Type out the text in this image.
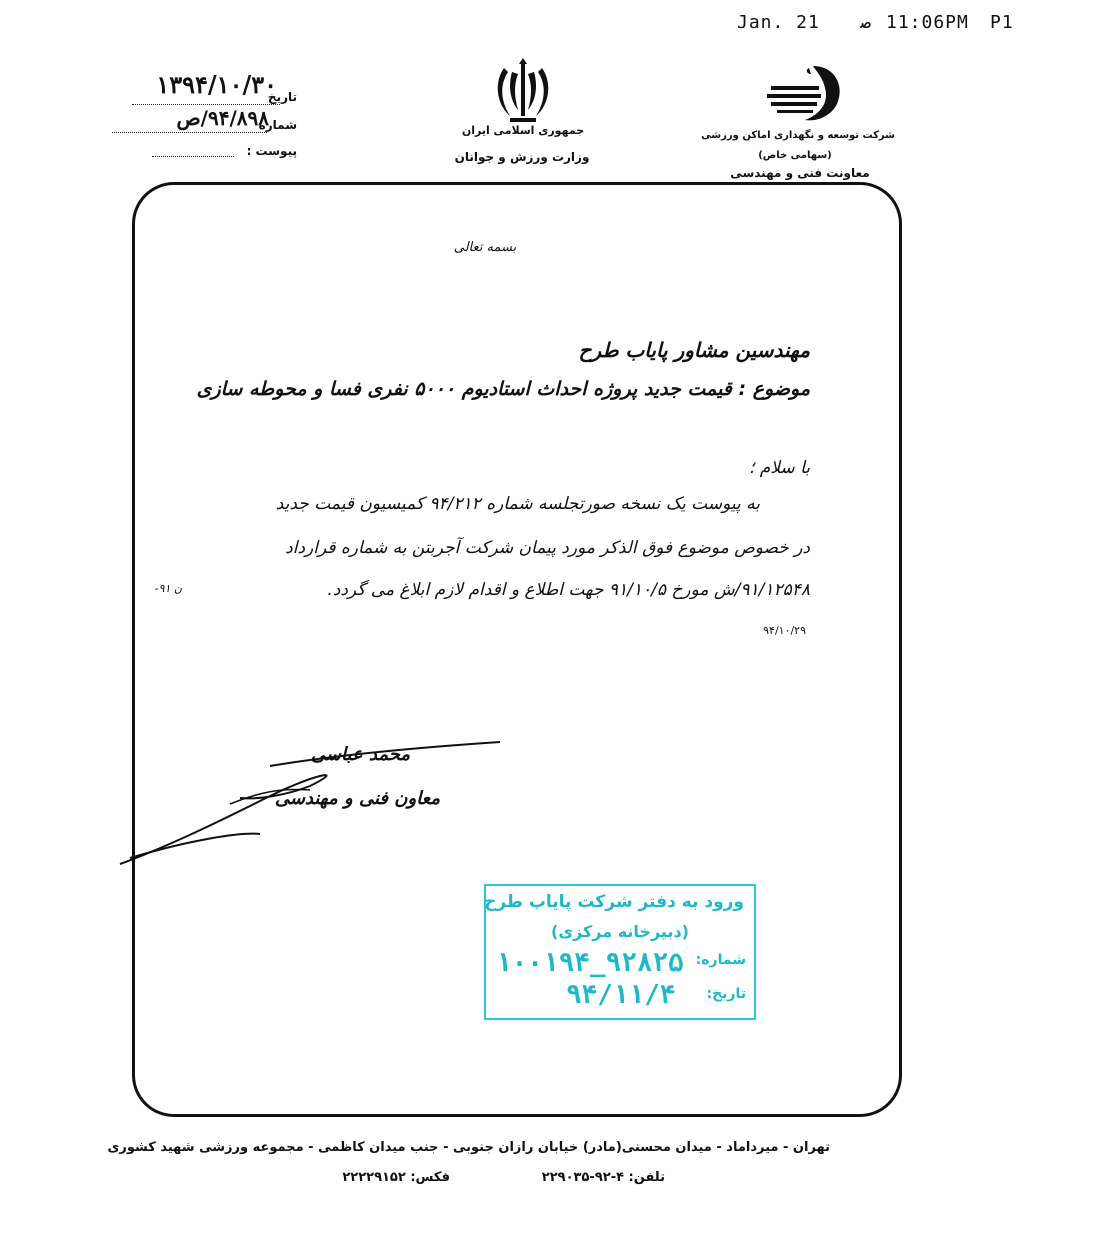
Jan. 21 ﺻ 11:06PM P1
۱۳۹۴/۱۰/۳۰
تاریخ
۹۴/۸۹۸/ص
شماره
پیوست :
جمهوری اسلامی ایران
وزارت ورزش و جوانان
شرکت توسعه و نگهداری اماکن ورزشی
(سهامی خاص)
معاونت فنی و مهندسی
بسمه تعالی
مهندسین مشاور پایاب طرح
موضوع : قیمت جدید پروژه احداث استادیوم ۵۰۰۰ نفری فسا و محوطه سازی
با سلام ؛
به پیوست یک نسخه صورتجلسه شماره ۹۴/۲۱۲ کمیسیون قیمت جدید
در خصوص موضوع فوق الذکر مورد پیمان شرکت آجربتن به شماره قرارداد
۹۱/۱۲۵۴۸/ش مورخ ۹۱/۱۰/۵ جهت اطلاع و اقدام لازم ابلاغ می گردد.
ن ۹۱-
۹۴/۱۰/۲۹
محمد عباسی
معاون فنی و مهندسی
ورود به دفتر شرکت پایاب طرح
(دبیرخانه مرکزی)
شماره:
۱۰۰۱۹۴_۹۲۸۲۵
تاریخ:
۹۴/۱۱/۴
تهران - میرداماد - میدان محسنی(مادر) خیابان رازان جنوبی - جنب میدان کاظمی - مجموعه ورزشی شهید کشوری
تلفن: ۴-۹۲-۲۲۹۰۳۵
فکس: ۲۲۲۲۹۱۵۲
